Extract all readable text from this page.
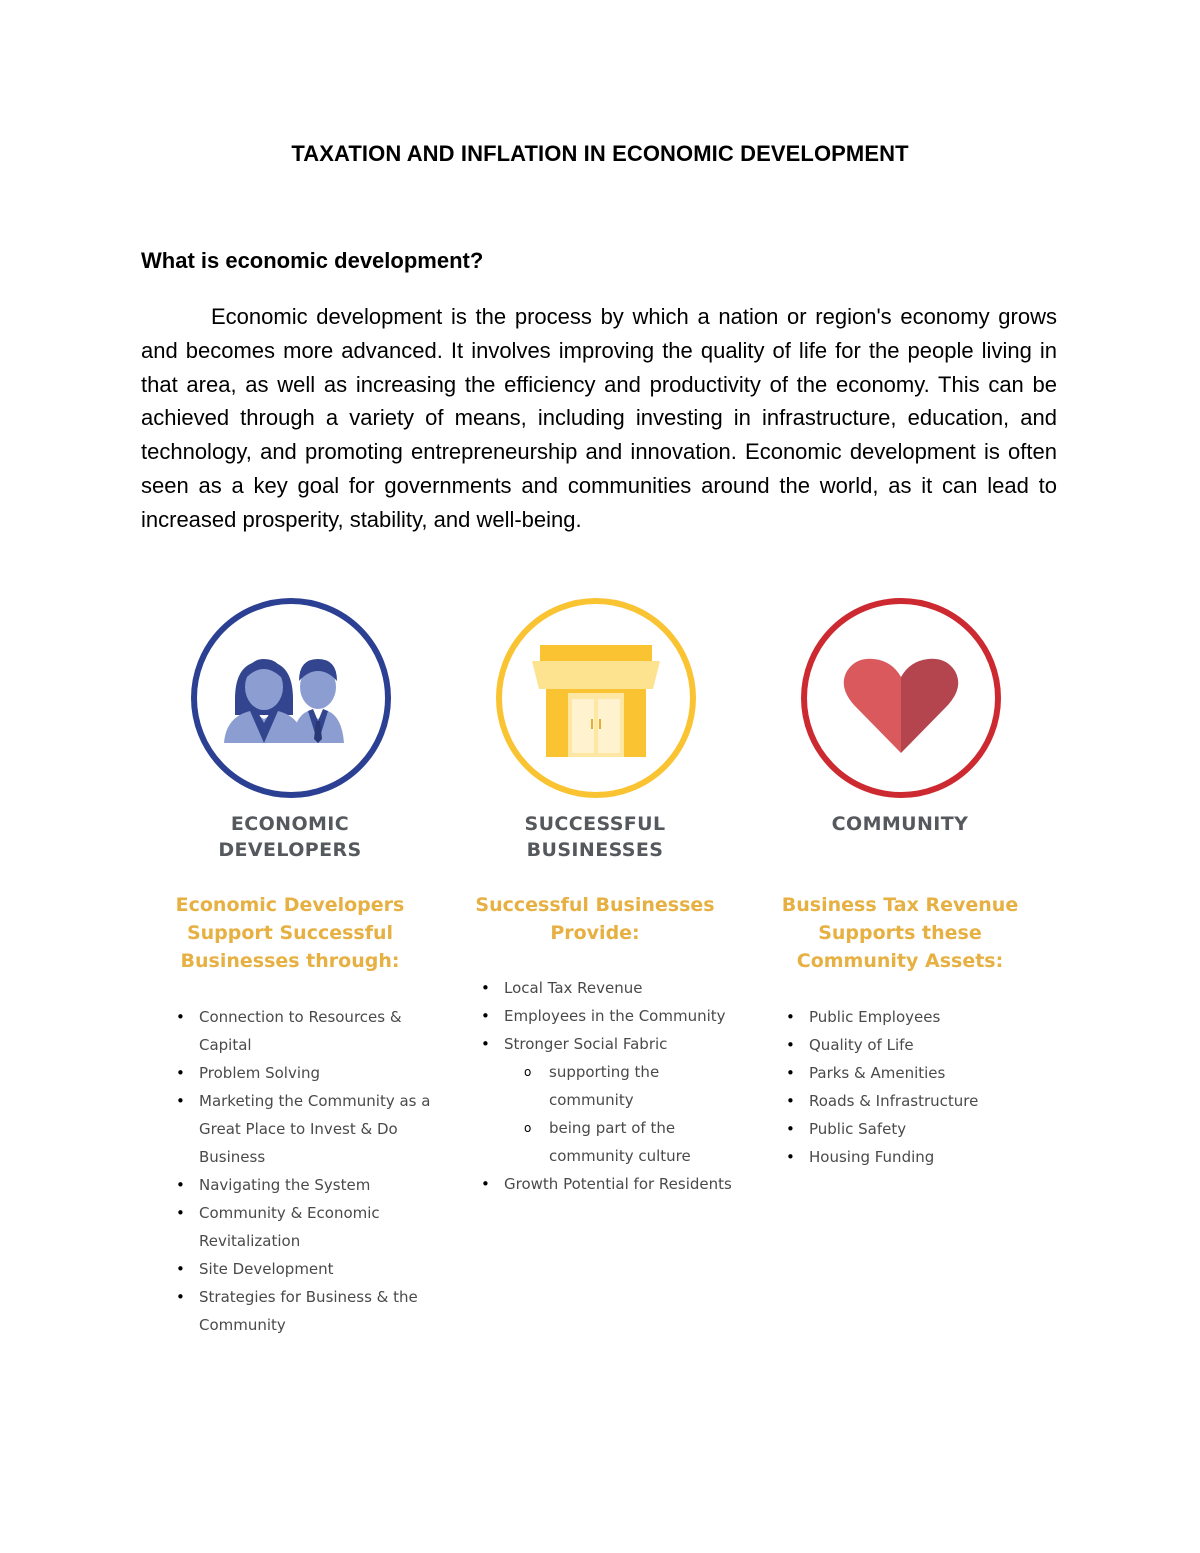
TAXATION AND INFLATION IN ECONOMIC DEVELOPMENT
What is economic development?

Economic development is the process by which a nation or region's economy grows and becomes more advanced. It involves improving the quality of life for the people living in that area, as well as increasing the efficiency and productivity of the economy. This can be achieved through a variety of means, including investing in infrastructure, education, and technology, and promoting entrepreneurship and innovation. Economic development is often seen as a key goal for governments and communities around the world, as it can lead to increased prosperity, stability, and well-being.

ECONOMIC
DEVELOPERS
Economic Developers
Support Successful
Businesses through:
• Connection to Resources & Capital
• Problem Solving
• Marketing the Community as a Great Place to Invest & Do Business
• Navigating the System
• Community & Economic Revitalization
• Site Development
• Strategies for Business & the Community
SUCCESSFUL
BUSINESSES
Successful Businesses
Provide:
• Local Tax Revenue
• Employees in the Community
• Stronger Social Fabric
o supporting the community
o being part of the community culture
• Growth Potential for Residents
COMMUNITY
Business Tax Revenue
Supports these
Community Assets:
• Public Employees
• Quality of Life
• Parks & Amenities
• Roads & Infrastructure
• Public Safety
• Housing Funding
